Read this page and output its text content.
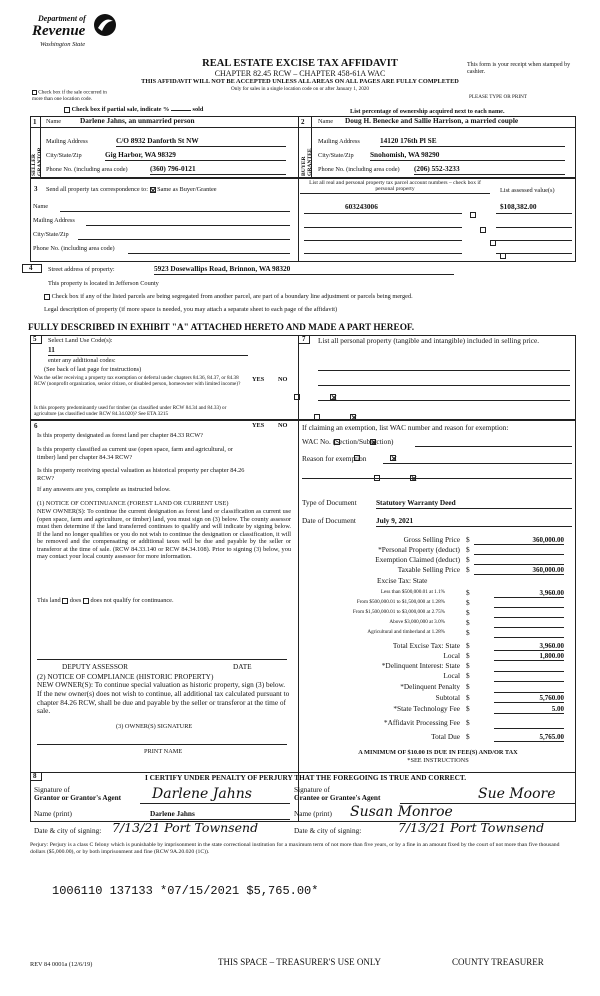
Department of
Revenue
Washington State
REAL ESTATE EXCISE TAX AFFIDAVIT
CHAPTER 82.45 RCW – CHAPTER 458-61A WAC
THIS AFFIDAVIT WILL NOT BE ACCEPTED UNLESS ALL AREAS ON ALL PAGES ARE FULLY COMPLETED
Only for sales in a single location code on or after January 1, 2020
This form is your receipt when stamped by cashier.
PLEASE TYPE OR PRINT
Check box if the sale occurred in more than one location code.
Check box if partial sale, indicate %	sold	List percentage of ownership acquired next to each name.
1
SELLER GRANTOR
Name	Darlene Jahns, an unmarried person
Mailing Address	C/O 8932 Danforth St NW
City/State/Zip	Gig Harbor, WA 98329
Phone No. (including area code)	(360) 796-0121
2
BUYER GRANTEE
Name Doug H. Benecke and Sallie Harrison, a married couple
Mailing Address	14120 176th Pl SE
City/State/Zip Snohomish, WA 98290
Phone No. (including area code) (206) 552-3233
3 Send all property tax correspondence to: Same as Buyer/Grantee
Name
Mailing Address
City/State/Zip
Phone No. (including area code)
List all real and personal property tax parcel account numbers – check box if personal property	List assessed value(s)
603243006
	$108,382.00

4 Street address of property:	5923 Dosewallips Road, Brinnon, WA 98320
This property is located in Jefferson County
Check box if any of the listed parcels are being segregated from another parcel, are part of a boundary line adjustment or parcels being merged.
Legal description of property (if more space is needed, you may attach a separate sheet to each page of the affidavit)
FULLY DESCRIBED IN EXHIBIT "A" ATTACHED HERETO AND MADE A PART HEREOF.
5 Select Land Use Code(s):
11
enter any additional codes:
(See back of last page for instructions)
YES NO
Was the seller receiving a property tax exemption or deferral under chapters 84.36, 84.37, or 84.38 RCW (nonprofit organization, senior citizen, or disabled person, homeowner with limited income)?

Is this property predominantly used for timber (as classified under RCW 84.34 and 84.33) or agriculture (as classified under RCW 84.34.020)? See ETA 3215

7 List all personal property (tangible and intangible) included in selling price.
6	YES NO
Is this property designated as forest land per chapter 84.33 RCW?

Is this property classified as current use (open space, farm and agricultural, or timber) land per chapter 84.34 RCW?

Is this property receiving special valuation as historical property per chapter 84.26 RCW?

If any answers are yes, complete as instructed below.
(1) NOTICE OF CONTINUANCE (FOREST LAND OR CURRENT USE)
NEW OWNER(S): To continue the current designation as forest land or classification as current use (open space, farm and agriculture, or timber) land, you must sign on (3) below. The county assessor must then determine if the land transferred continues to qualify and will indicate by signing below. If the land no longer qualifies or you do not wish to continue the designation or classification, it will be removed and the compensating or additional taxes will be due and payable by the seller or transferor at the time of sale. (RCW 84.33.140 or RCW 84.34.108). Prior to signing (3) below, you may contact your local county assessor for more information.
This land does does not qualify for continuance.
DEPUTY ASSESSOR	DATE
(2) NOTICE OF COMPLIANCE (HISTORIC PROPERTY)
NEW OWNER(S): To continue special valuation as historic property, sign (3) below. If the new owner(s) does not wish to continue, all additional tax calculated pursuant to chapter 84.26 RCW, shall be due and payable by the seller or transferor at the time of sale.
(3) OWNER(S) SIGNATURE
PRINT NAME
If claiming an exemption, list WAC number and reason for exemption:
WAC No. (Section/Subsection)
Reason for exemption
Type of Document	Statutory Warranty Deed
Date of Document	July 9, 2021
Gross Selling Price $	360,000.00
*Personal Property (deduct) $
Exemption Claimed (deduct) $
Taxable Selling Price $	360,000.00
Excise Tax: State
Less than $500,000.01 at 1.1%	$	3,960.00
From $500,000.01 to $1,500,000 at 1.28%	$
From $1,500,000.01 to $3,000,000 at 2.75%	$
Above $3,000,000 at 3.0%	$
Agricultural and timberland at 1.28%	$
Total Excise Tax: State $	3,960.00
Local $	1,800.00
*Delinquent Interest: State $
Local $
*Delinquent Penalty $
Subtotal $	5,760.00
*State Technology Fee $	5.00
*Affidavit Processing Fee $
Total Due $	5,765.00
A MINIMUM OF $10.00 IS DUE IN FEE(S) AND/OR TAX
*SEE INSTRUCTIONS
8	I CERTIFY UNDER PENALTY OF PERJURY THAT THE FOREGOING IS TRUE AND CORRECT.
Signature of
Grantor or Grantor's Agent Darlene Jahns
Name (print)	Darlene Jahns
Date & city of signing: 7/13/21 Port Townsend
Signature of
Grantee or Grantee's Agent	Sue Moore
Name (print) Susan Monroe
Date & city of signing:	7/13/21 Port Townsend
Perjury: Perjury is a class C felony which is punishable by imprisonment in the state correctional institution for a maximum term of not more than five years, or by a fine in an amount fixed by the court of not more than five thousand dollars ($5,000.00), or by both imprisonment and fine (RCW 9A.20.020 (1C)).
1006110 137133 *07/15/2021 $5,765.00*
REV 84 0001a (12/6/19)	THIS SPACE – TREASURER'S USE ONLY	COUNTY TREASURER
